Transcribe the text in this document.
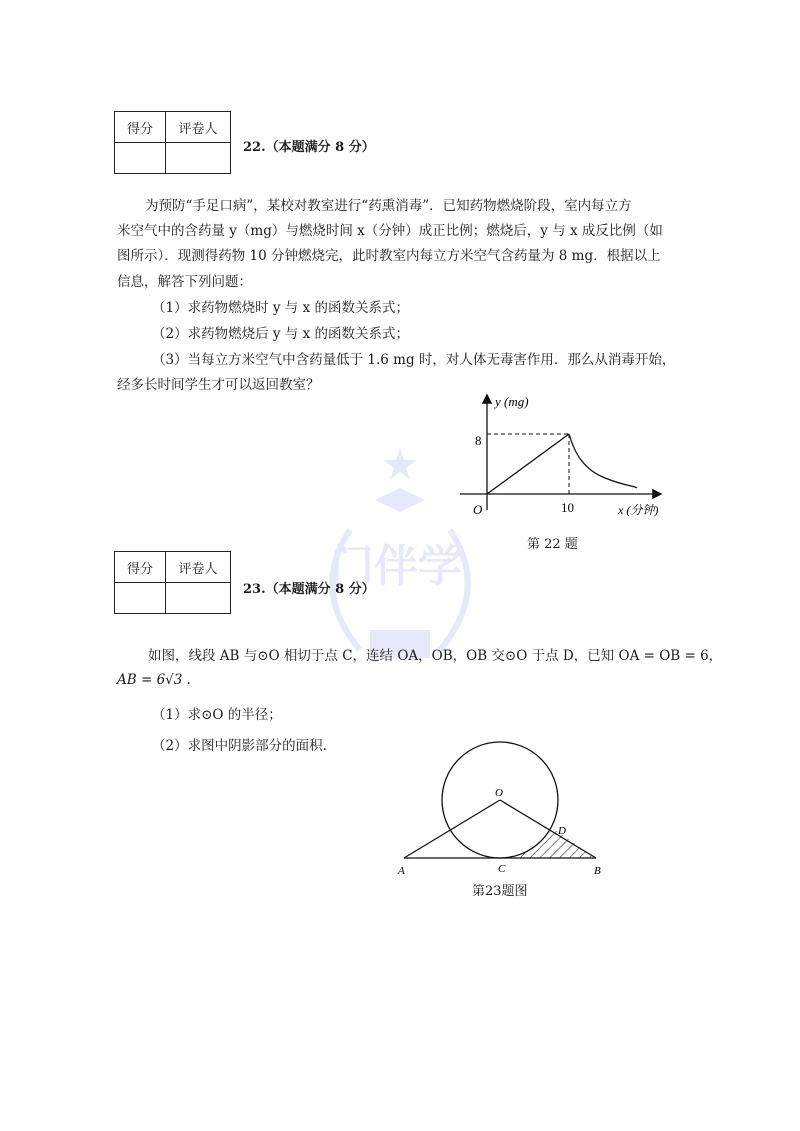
门伴学
得分	评卷人

22.（本题满分 8 分）
为预防“手足口病”，某校对教室进行“药熏消毒”．已知药物燃烧阶段，室内每立方
米空气中的含药量 y（mg）与燃烧时间 x（分钟）成正比例；燃烧后，y 与 x 成反比例（如
图所示）．现测得药物 10 分钟燃烧完，此时教室内每立方米空气含药量为 8 mg．根据以上
信息，解答下列问题：
（1）求药物燃烧时 y 与 x 的函数关系式；
（2）求药物燃烧后 y 与 x 的函数关系式；
（3）当每立方米空气中含药量低于 1.6 mg 时，对人体无毒害作用．那么从消毒开始，
经多长时间学生才可以返回教室？
y (mg)
8
10
O	x (分钟)
第 22 题
得分	评卷人

23.（本题满分 8 分）
如图，线段 AB 与⊙O 相切于点 C，连结 OA，OB，OB 交⊙O 于点 D，已知 OA = OB = 6，
AB = 6√3 .
（1）求⊙O 的半径；
（2）求图中阴影部分的面积.
O
D
C
A	B
第23题图
